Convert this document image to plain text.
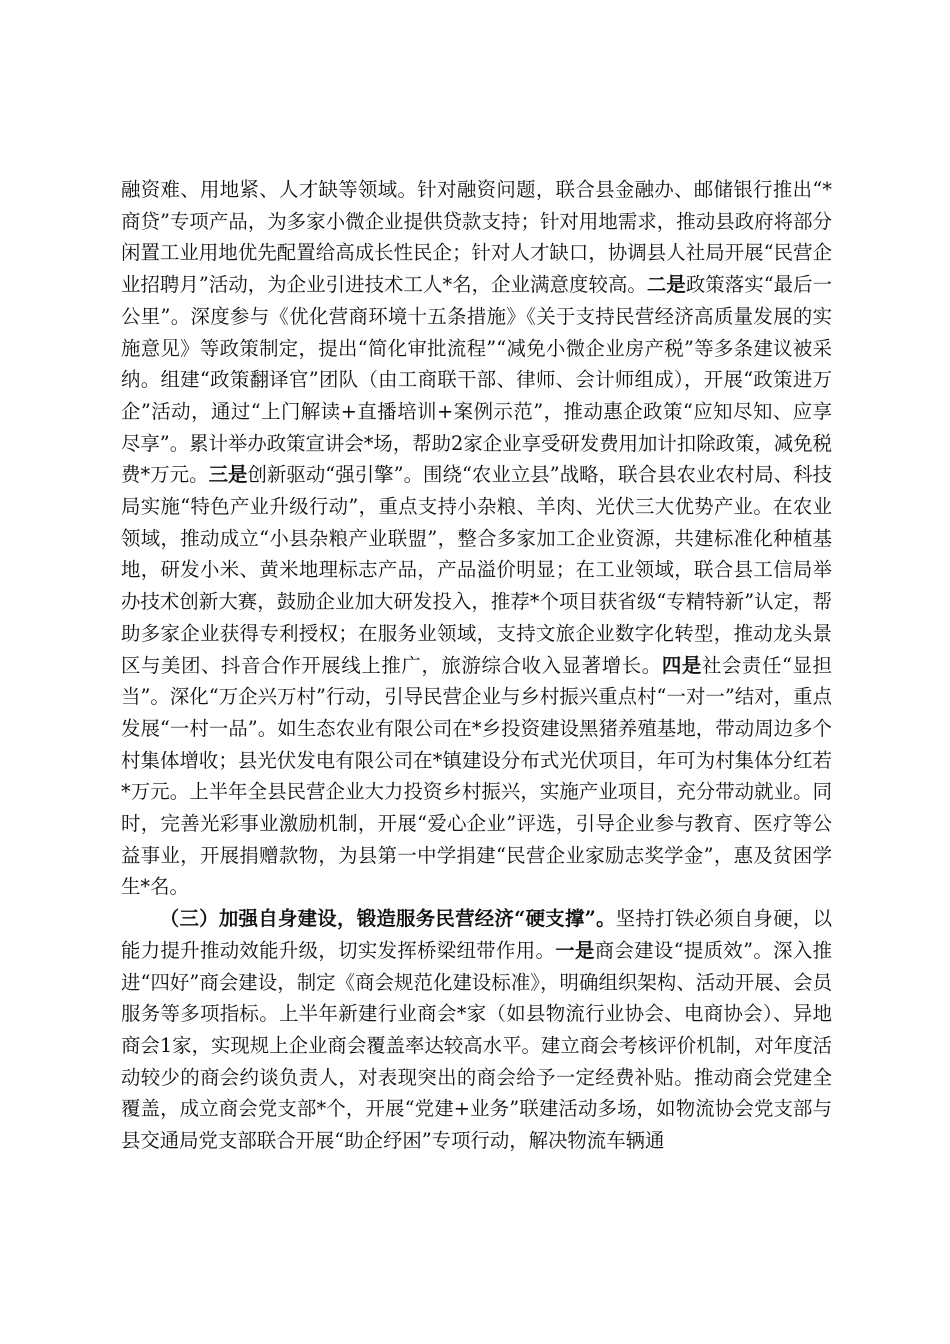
融资难、用地紧、人才缺等领域。针对融资问题，联合县金融办、邮储银行推出“*商贷”专项产品，为多家小微企业提供贷款支持；针对用地需求，推动县政府将部分闲置工业用地优先配置给高成长性民企；针对人才缺口，协调县人社局开展“民营企业招聘月”活动，为企业引进技术工人*名，企业满意度较高。二是政策落实“最后一公里”。深度参与《优化营商环境十五条措施》《关于支持民营经济高质量发展的实施意见》等政策制定，提出“简化审批流程”“减免小微企业房产税”等多条建议被采纳。组建“政策翻译官”团队（由工商联干部、律师、会计师组成），开展“政策进万企”活动，通过“上门解读+直播培训+案例示范”，推动惠企政策“应知尽知、应享尽享”。累计举办政策宣讲会*场，帮助2家企业享受研发费用加计扣除政策，减免税费*万元。三是创新驱动“强引擎”。围绕“农业立县”战略，联合县农业农村局、科技局实施“特色产业升级行动”，重点支持小杂粮、羊肉、光伏三大优势产业。在农业领域，推动成立“小县杂粮产业联盟”，整合多家加工企业资源，共建标准化种植基地，研发小米、黄米地理标志产品，产品溢价明显；在工业领域，联合县工信局举办技术创新大赛，鼓励企业加大研发投入，推荐*个项目获省级“专精特新”认定，帮助多家企业获得专利授权；在服务业领域，支持文旅企业数字化转型，推动龙头景区与美团、抖音合作开展线上推广，旅游综合收入显著增长。四是社会责任“显担当”。深化“万企兴万村”行动，引导民营企业与乡村振兴重点村“一对一”结对，重点发展“一村一品”。如生态农业有限公司在*乡投资建设黑猪养殖基地，带动周边多个村集体增收；县光伏发电有限公司在*镇建设分布式光伏项目，年可为村集体分红若*万元。上半年全县民营企业大力投资乡村振兴，实施产业项目，充分带动就业。同时，完善光彩事业激励机制，开展“爱心企业”评选，引导企业参与教育、医疗等公益事业，开展捐赠款物，为县第一中学捐建“民营企业家励志奖学金”，惠及贫困学生*名。

（三）加强自身建设，锻造服务民营经济“硬支撑”。坚持打铁必须自身硬，以能力提升推动效能升级，切实发挥桥梁纽带作用。一是商会建设“提质效”。深入推进“四好”商会建设，制定《商会规范化建设标准》，明确组织架构、活动开展、会员服务等多项指标。上半年新建行业商会*家（如县物流行业协会、电商协会）、异地商会1家，实现规上企业商会覆盖率达较高水平。建立商会考核评价机制，对年度活动较少的商会约谈负责人，对表现突出的商会给予一定经费补贴。推动商会党建全覆盖，成立商会党支部*个，开展“党建+业务”联建活动多场，如物流协会党支部与县交通局党支部联合开展“助企纾困”专项行动，解决物流车辆通
